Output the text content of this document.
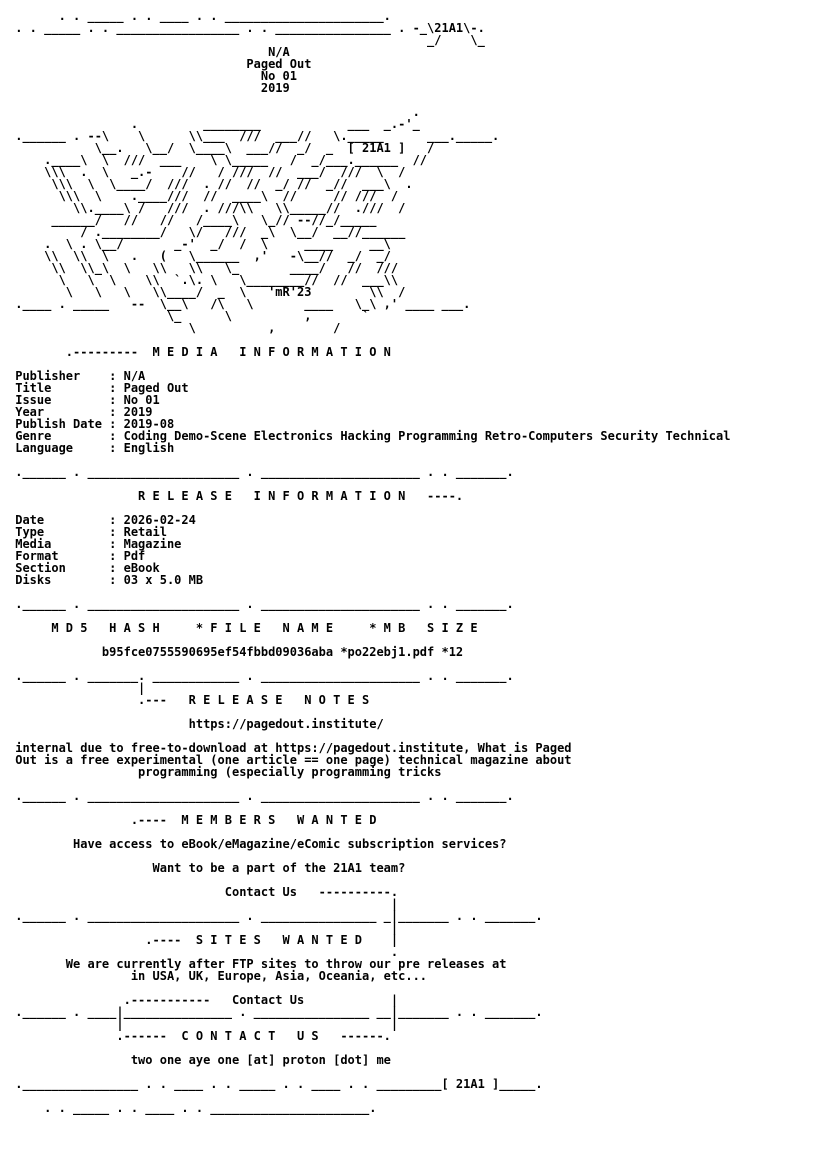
. . _____ . . ____ . . ______________________.
. . _____ . . _________________ . . ________________ . -_\21A1\-.
_/    \_
N/A
Paged Out
No 01
2019
.
.         ________            ___  _.-'_
.______ . --\    \      \\___  ///  ___//   \._____      ___._____.
\__.   \__/  \____\  ___//  _/  _  [ 21A1 ]   /
.____\  \  ///  ___    \ \_____   /  _/___.______  //
\\\  .  \   _.-    //   / ///  //  ___/  ///  \  /
\\\  \  \____/  ///  . //  //  _/ //  _//  ___\  .
\\\  \    .____///  //  ____\  //     // ///  /
\\.____\ /   ///  . ///\\   \\_____//  .///  /
______/   //   //   /____\   \_// --//_/_____
/ .________/   \/   ///  _\  \__/  __//______
.  \ . \__/       _-'  _/  /  \     ____     __\
\\  \\  \   .   (   \______  ,'   -\__//  _/  _/
\\  \\_\  \   \\   \\   \_       ____/   //  ///
\   \  \    \\  `.\. \   \________//  //  ___\\
\   \   \   \\____/  _  \   'mR'23        \\  /
.____ . _____   --  \__\   /\   \       ____   \_\ ,' ____ ___.
\_      \          ,       `
\          ,        /
.---------  M E D I A   I N F O R M A T I O N
Publisher    : N/A
Title        : Paged Out
Issue        : No 01
Year         : 2019
Publish Date : 2019-08
Genre        : Coding Demo-Scene Electronics Hacking Programming Retro-Computers Security Technical
Language     : English
.______ . _____________________ . ______________________ . . _______.
R E L E A S E   I N F O R M A T I O N   ----.
Date         : 2026-02-24
Type         : Retail
Media        : Magazine
Format       : Pdf
Section      : eBook
Disks        : 03 x 5.0 MB
.______ . _____________________ . ______________________ . . _______.
M D 5   H A S H     * F I L E   N A M E     * M B   S I Z E
b95fce0755590695ef54fbbd09036aba *po22ebj1.pdf *12
.______ . _______. ____________ . ______________________ . . _______.
|
.---   R E L E A S E   N O T E S
https://pagedout.institute/
internal due to free-to-download at https://pagedout.institute, What is Paged
Out is a free experimental (one article == one page) technical magazine about
programming (especially programming tricks
.______ . _____________________ . ______________________ . . _______.
.----  M E M B E R S   W A N T E D
Have access to eBook/eMagazine/eComic subscription services?
Want to be a part of the 21A1 team?
Contact Us   ----------.
|
.______ . _____________________ . ________________ _|_______ . . _______.
|
.----  S I T E S   W A N T E D    |
.
We are currently after FTP sites to throw our pre releases at
in USA, UK, Europe, Asia, Oceania, etc...
.-----------   Contact Us            |
.______ . ____|_______________ . ________________ __|_______ . . _______.
|                                     |
.------  C O N T A C T   U S   ------.
two one aye one [at] proton [dot] me
.________________ . . ____ . . _____ . . ____ . . _________[ 21A1 ]_____.
. . _____ . . ____ . . ______________________.
